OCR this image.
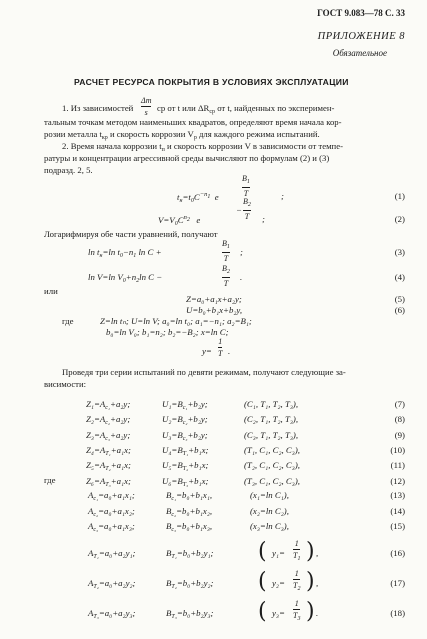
ГОСТ 9.083—78 С. 33
ПРИЛОЖЕНИЕ 8
Обязательное
РАСЧЕТ РЕСУРСА ПОКРЫТИЯ В УСЛОВИЯХ ЭКСПЛУАТАЦИИ
1. Из зависимостей
Δm
s ср от t или $\Delta R_{ср}$ от t, найденных по эксперимен-
тальным точкам методом наименьших квадратов, определяют время начала кор-
розии металла $t_{кр}$ и скорость коррозии $V_р$ для каждого режима испытаний.
2. Время начала коррозии $t_п$ и скорость коррозии V в зависимости от темпе-
ратуры и концентрации агрессивной среды вычисляют по формулам (2) и (3)
подразд. 2, 5.
$t_н=t_0C^{-n1}$ e
$B_1$
T	;	(1)
$V=V_0C^{n2}$ e
−
$B_2$
T ;	(2)
Логарифмируя обе части уравнений, получают
$\ln t_н=\ln$ $t_0-n_1$ ln C +
$B_1$
T
;	(3)
ln V=ln $V_0+n_2\ln$ C −
$B_2$
T
.	(4)
или
Z=a₀+a₁x+a₂y;	(5)
U=b₀+b₁x+b₂y,	(6)
где	Z=ln tₙ; U=ln V; a₀=ln t₀; a₁=−n₁; a₂=B₁;
b₀=ln V₀; b₁=n₂; b₂=−B₂; x=ln C;
y=
1
T .
Проведя три серии испытаний по девяти режимам, получают следующие за-
висимости:
$Z_1=A_{c_1}+a_2y$;	$U_1=B_{c_1}+b_2y$;	(C₁, T₁, T₂, T₃),	(7)
$Z_2=A_{c_2}+a_2y$;	$U_2=B_{c_2}+b_2y$;	(C₂, T₁, T₂, T₃),	(8)
$Z_3=A_{c_3}+a_2y$;	$U_3=B_{c_3}+b_2y$;	(C₃, T₁, T₂, T₃),	(9)
$Z_4=A_{T_1}+a_1x$;	$U_4=B_{T_1}+b_1x$;	(T₁, C₁, C₂, C₃),	(10)
$Z_5=A_{T_2}+a_1x$;	$U_5=B_{T_2}+b_1x$;	(T₂, C₁, C₂, C₃),	(11)
$Z_6=A_{T_3}+a_1x$;	$U_6=B_{T_3}+b_1x$;	(T₃, C₁, C₂, C₃),	(12)
где
$A_{c_1}=a_0+a_1x_1$;	$B_{c_1}=b_0+b_1x_1$,	(x₁=ln C₁),	(13)
$A_{c_2}=a_0+a_1x_2$;	$B_{c_2}=b_0+b_1x_2$,	(x₂=ln C₂),	(14)
$A_{c_3}=a_0+a_1x_3$;	$B_{c_3}=b_0+b_1x_3$,	(x₃=ln C₃),	(15)
$A_{T_1}=a_0+a_2y_1$;	$B_{T_1}=b_0+b_2y_1$; ( y₁=
1
$T_1$ ) ,	(16)
$A_{T_2}=a_0+a_2y_2$;	$B_{T_2}=b_0+b_2y_2$; ( y₂=
1
$T_2$ ) ,	(17)
$A_{T_3}=a_0+a_2y_3$;	$B_{T_3}=b_0+b_2y_3$; ( y₃=
1
$T_3$ ) .	(18)
